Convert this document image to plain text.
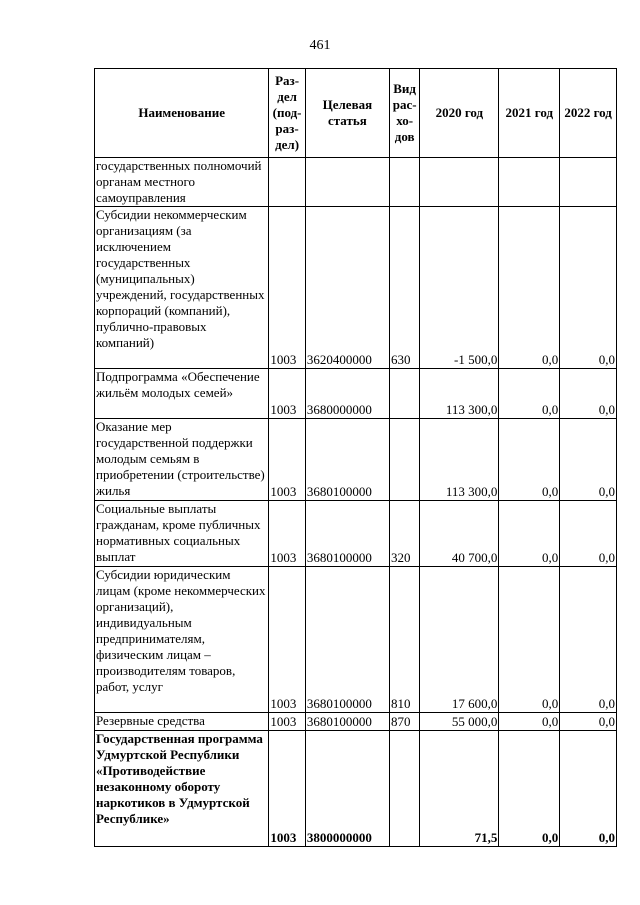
461
Наименование	Раз-дел (под-раз-дел)	Целевая статья	Вид рас-хо-дов	2020 год	2021 год	2022 год
государственных полномочий органам местного самоуправления						
Субсидии некоммерческим организациям (за исключением государственных (муниципальных) учреждений, государственных корпораций (компаний), публично-правовых компаний)	1003	3620400000	630	-1 500,0	0,0	0,0
Подпрограмма «Обеспечение жильём молодых семей»	1003	3680000000		113 300,0	0,0	0,0
Оказание мер государственной поддержки молодым семьям в приобретении (строительстве) жилья	1003	3680100000		113 300,0	0,0	0,0
Социальные выплаты гражданам, кроме публичных нормативных социальных выплат	1003	3680100000	320	40 700,0	0,0	0,0
Субсидии юридическим лицам (кроме некоммерческих организаций), индивидуальным предпринимателям, физическим лицам – производителям товаров, работ, услуг	1003	3680100000	810	17 600,0	0,0	0,0
Резервные средства	1003	3680100000	870	55 000,0	0,0	0,0
Государственная программа Удмуртской Республики «Противодействие незаконному обороту наркотиков в Удмуртской Республике»	1003	3800000000		71,5	0,0	0,0
